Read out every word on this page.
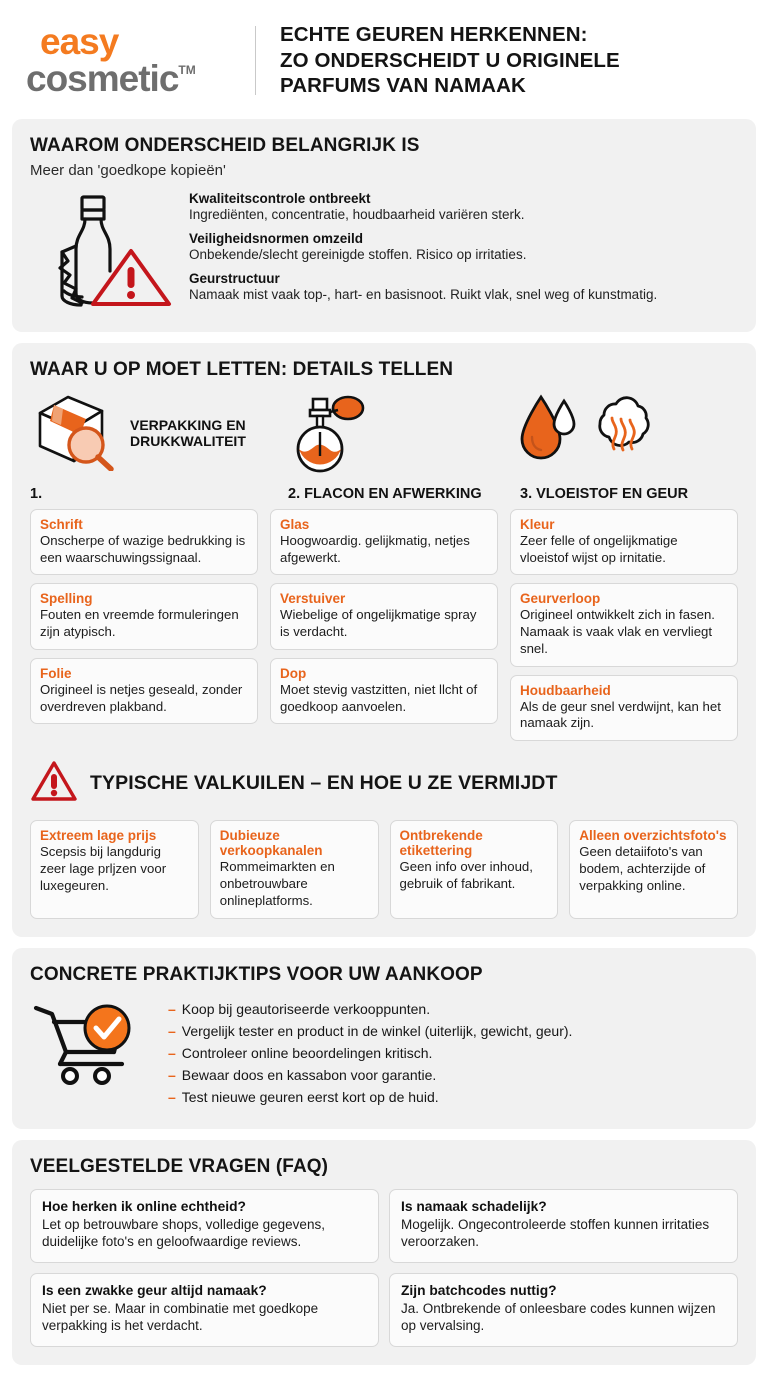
easy
cosmetic TM
ECHTE GEUREN HERKENNEN:
ZO ONDERSCHEIDT U ORIGINELE
PARFUMS VAN NAMAAK
WAAROM ONDERSCHEID BELANGRIJK IS
Meer dan 'goedkope kopieën'
Kwaliteitscontrole ontbreekt
Ingrediënten, concentratie, houdbaarheid variëren sterk.
Veiligheidsnormen omzeild
Onbekende/slecht gereinigde stoffen. Risico op irritaties.
Geurstructuur
Namaak mist vaak top-, hart- en basisnoot. Ruikt vlak, snel weg of kunstmatig.
WAAR U OP MOET LETTEN: DETAILS TELLEN
VERPAKKING EN DRUKKWALITEIT
1.	2. FLACON EN AFWERKING	3. VLOEISTOF EN GEUR
Schrift
Onscherpe of wazige bedrukking is een waarschuwingssignaal.
Spelling
Fouten en vreemde formuleringen zijn atypisch.
Folie
Origineel is netjes geseald, zonder overdreven plakband.
Glas
Hoogwoardig. gelijkmatig, netjes afgewerkt.
Verstuiver
Wiebelige of ongelijkmatige spray is verdacht.
Dop
Moet stevig vastzitten, niet llcht of goedkoop aanvoelen.
Kleur
Zeer felle of ongelijkmatige vloeistof wijst op irnitatie.
Geurverloop
Origineel ontwikkelt zich in fasen. Namaak is vaak vlak en vervliegt snel.
Houdbaarheid
Als de geur snel verdwijnt, kan het namaak zijn.
TYPISCHE VALKUILEN – EN HOE U ZE VERMIJDT
Extreem lage prijs
Scepsis bij langdurig zeer lage prljzen voor luxegeuren.
Dubieuze verkoopkanalen
Rommeimarkten en onbetrouwbare onlineplatforms.
Ontbrekende etikettering
Geen info over inhoud, gebruik of fabrikant.
Alleen overzichtsfoto's
Geen detaiifoto's van bodem, achterzijde of verpakking online.
CONCRETE PRAKTIJKTIPS VOOR UW AANKOOP
– Koop bij geautoriseerde verkooppunten.
– Vergelijk tester en product in de winkel (uiterlijk, gewicht, geur).
– Controleer online beoordelingen kritisch.
– Bewaar doos en kassabon voor garantie.
– Test nieuwe geuren eerst kort op de huid.
VEELGESTELDE VRAGEN (FAQ)
Hoe herken ik online echtheid?
Let op betrouwbare shops, volledige gegevens, duidelijke foto's en geloofwaardige reviews.
Is namaak schadelijk?
Mogelijk. Ongecontroleerde stoffen kunnen irritaties veroorzaken.
Is een zwakke geur altijd namaak?
Niet per se. Maar in combinatie met goedkope verpakking is het verdacht.
Zijn batchcodes nuttig?
Ja. Ontbrekende of onleesbare codes kunnen wijzen op vervalsing.
